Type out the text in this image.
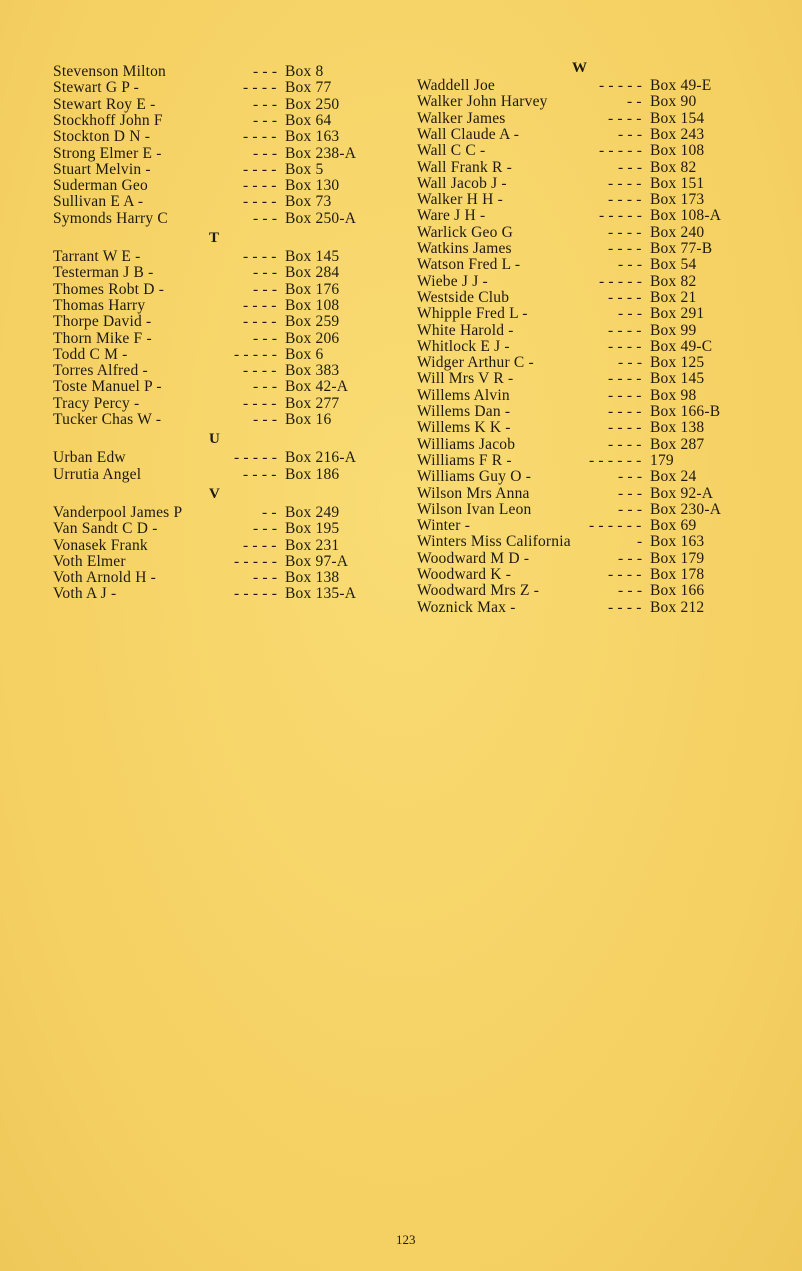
Stevenson Milton	- - - Box 8
Stewart G P -	- - - - Box 77
Stewart Roy E -	- - - Box 250
Stockhoff John F	- - - Box 64
Stockton D N -	- - - - Box 163
Strong Elmer E -	- - - Box 238-A
Stuart Melvin -	- - - - Box 5
Suderman Geo	- - - - Box 130
Sullivan E A -	- - - - Box 73
Symonds Harry C	- - - Box 250-A
T
Tarrant W E -	- - - - Box 145
Testerman J B -	- - - Box 284
Thomes Robt D -	- - - Box 176
Thomas Harry	- - - - Box 108
Thorpe David -	- - - - Box 259
Thorn Mike F -	- - - Box 206
Todd C M -	- - - - - Box 6
Torres Alfred -	- - - - Box 383
Toste Manuel P -	- - - Box 42-A
Tracy Percy -	- - - - Box 277
Tucker Chas W -	- - - Box 16
U
Urban Edw	- - - - - Box 216-A
Urrutia Angel	- - - - Box 186
V
Vanderpool James P	- - Box 249
Van Sandt C D -	- - - Box 195
Vonasek Frank	- - - - Box 231
Voth Elmer	- - - - - Box 97-A
Voth Arnold H -	- - - Box 138
Voth A J -	- - - - - Box 135-A
W
Waddell Joe	- - - - - Box 49-E
Walker John Harvey	- - Box 90
Walker James	- - - - Box 154
Wall Claude A -	- - - Box 243
Wall C C -	- - - - - Box 108
Wall Frank R -	- - - Box 82
Wall Jacob J -	- - - - Box 151
Walker H H -	- - - - Box 173
Ware J H -	- - - - - Box 108-A
Warlick Geo G	- - - - Box 240
Watkins James	- - - - Box 77-B
Watson Fred L -	- - - Box 54
Wiebe J J -	- - - - - Box 82
Westside Club	- - - - Box 21
Whipple Fred L -	- - - Box 291
White Harold -	- - - - Box 99
Whitlock E J -	- - - - Box 49-C
Widger Arthur C -	- - - Box 125
Will Mrs V R -	- - - - Box 145
Willems Alvin	- - - - Box 98
Willems Dan -	- - - - Box 166-B
Willems K K -	- - - - Box 138
Williams Jacob	- - - - Box 287
Williams F R -	- - - - - - 179
Williams Guy O -	- - - Box 24
Wilson Mrs Anna	- - - Box 92-A
Wilson Ivan Leon	- - - Box 230-A
Winter -	- - - - - - Box 69
Winters Miss California	- Box 163
Woodward M D -	- - - Box 179
Woodward K -	- - - - Box 178
Woodward Mrs Z -	- - - Box 166
Woznick Max -	- - - - Box 212
123
